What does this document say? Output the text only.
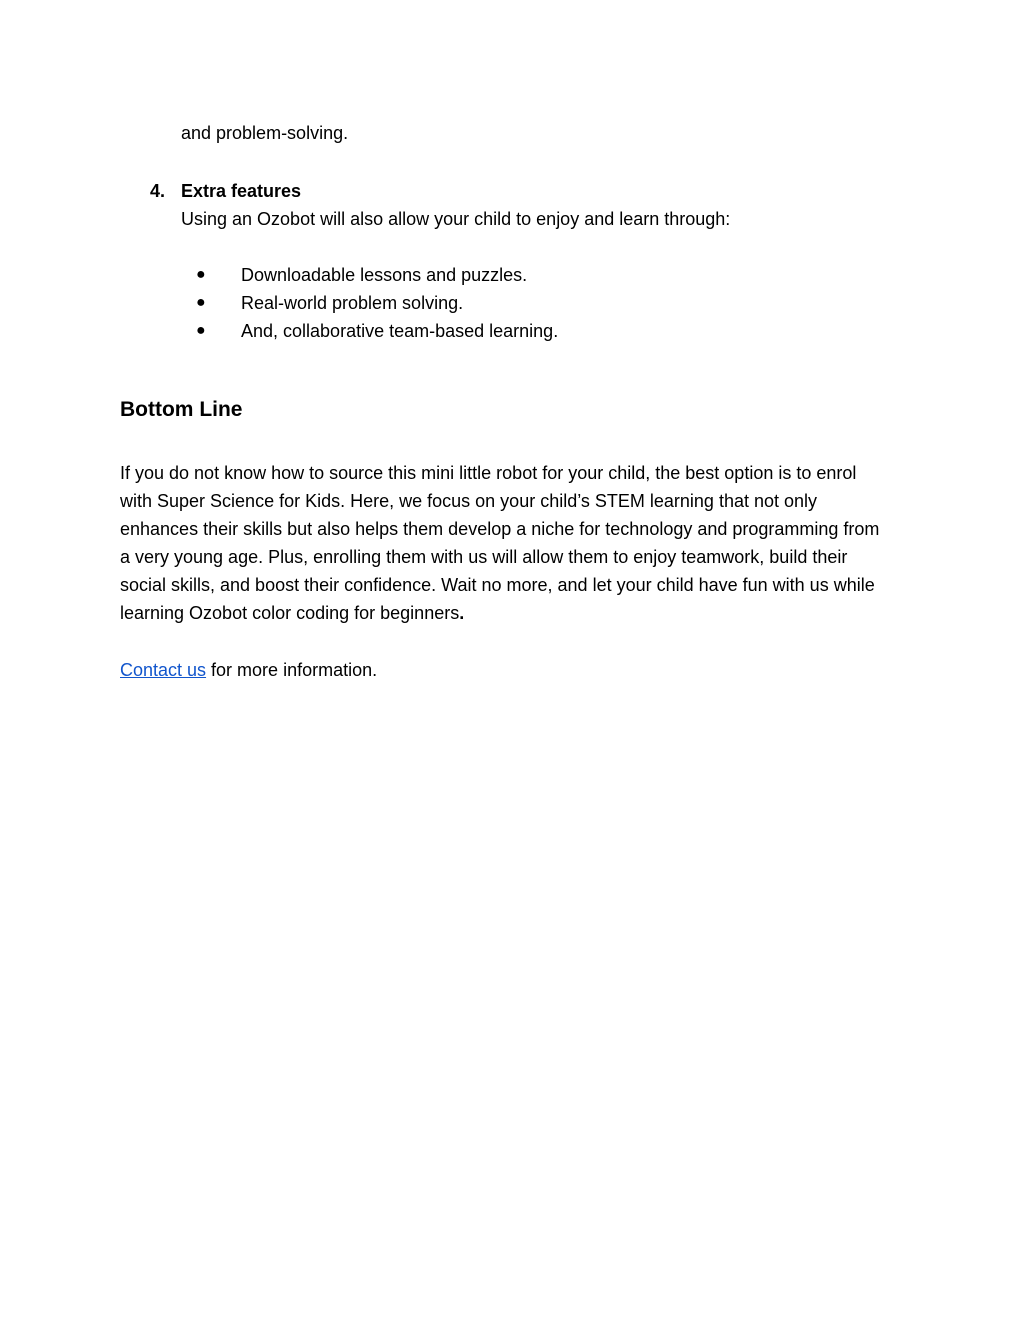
and problem-solving.
4. Extra features
Using an Ozobot will also allow your child to enjoy and learn through:
● Downloadable lessons and puzzles.
● Real-world problem solving.
● And, collaborative team-based learning.
Bottom Line
If you do not know how to source this mini little robot for your child, the best option is to enrol
with Super Science for Kids. Here, we focus on your child’s STEM learning that not only
enhances their skills but also helps them develop a niche for technology and programming from
a very young age. Plus, enrolling them with us will allow them to enjoy teamwork, build their
social skills, and boost their confidence. Wait no more, and let your child have fun with us while
learning Ozobot color coding for beginners.
Contact us for more information.
